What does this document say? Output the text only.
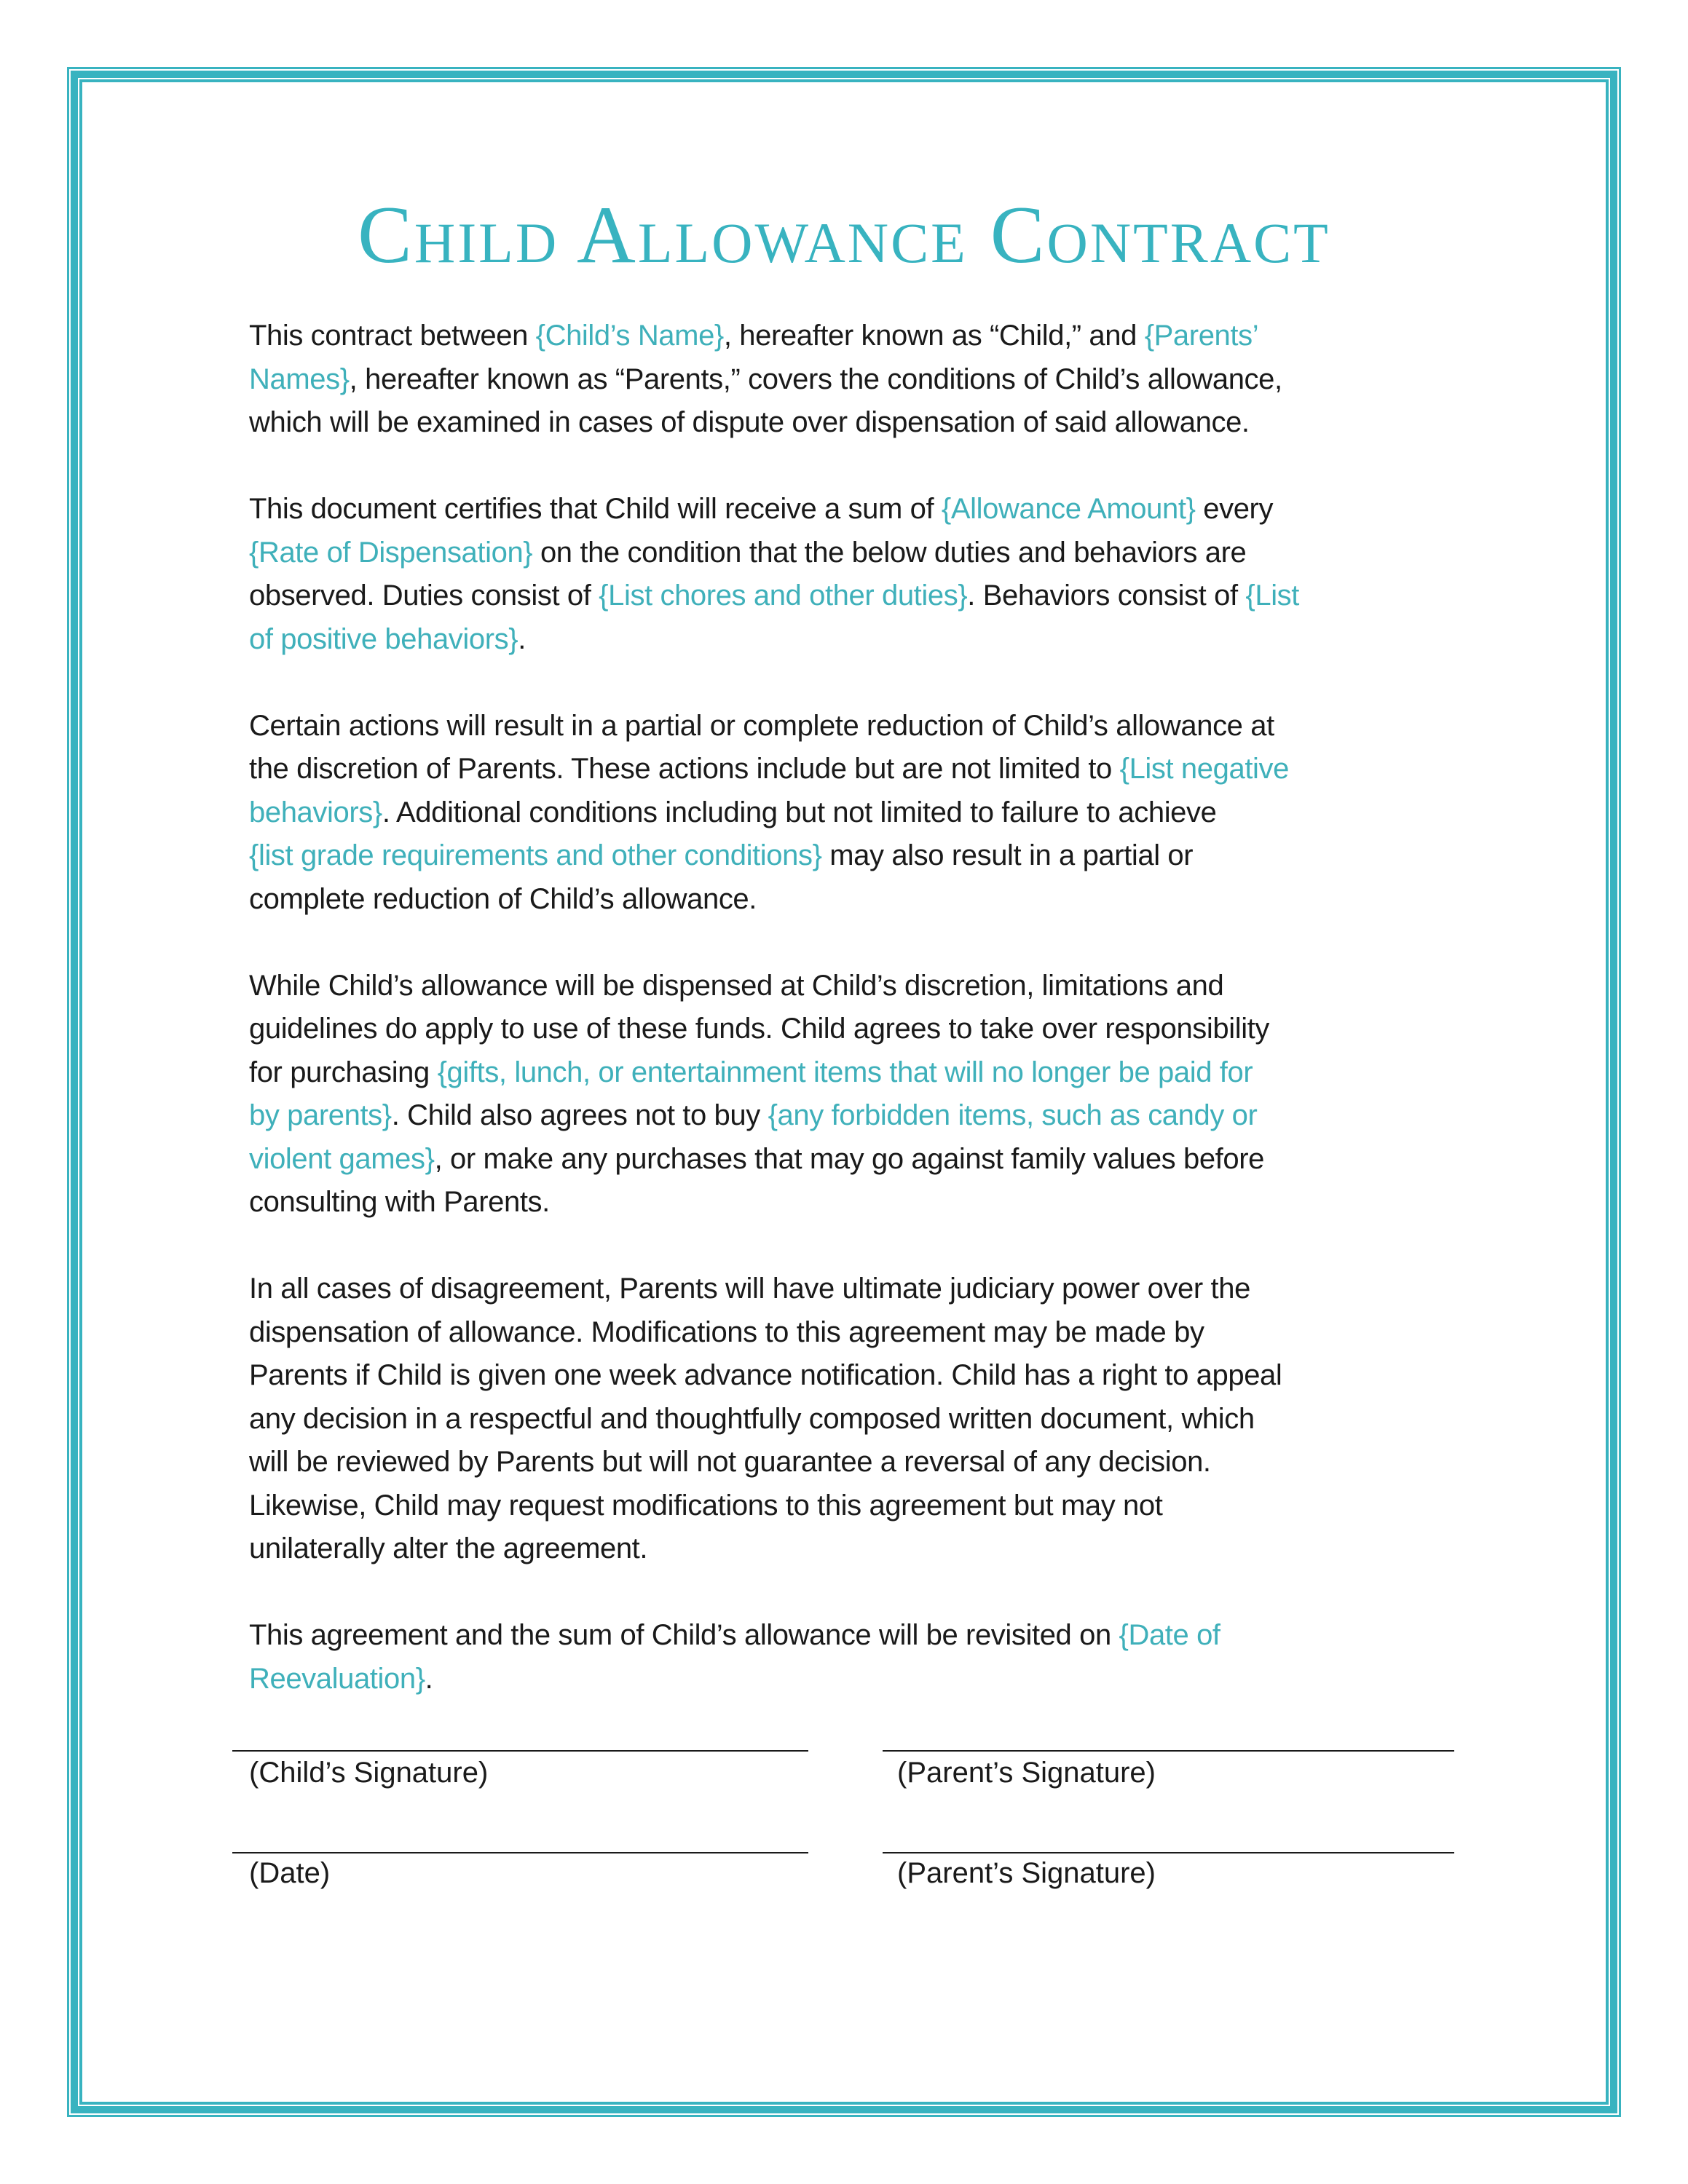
Child Allowance Contract
This contract between {Child’s Name}, hereafter known as “Child,” and {Parents’
Names}, hereafter known as “Parents,” covers the conditions of Child’s allowance,
which will be examined in cases of dispute over dispensation of said allowance.
This document certifies that Child will receive a sum of {Allowance Amount} every
{Rate of Dispensation} on the condition that the below duties and behaviors are
observed. Duties consist of {List chores and other duties}. Behaviors consist of {List
of positive behaviors}.
Certain actions will result in a partial or complete reduction of Child’s allowance at
the discretion of Parents. These actions include but are not limited to {List negative
behaviors}. Additional conditions including but not limited to failure to achieve
{list grade requirements and other conditions} may also result in a partial or
complete reduction of Child’s allowance.
While Child’s allowance will be dispensed at Child’s discretion, limitations and
guidelines do apply to use of these funds. Child agrees to take over responsibility
for purchasing {gifts, lunch, or entertainment items that will no longer be paid for
by parents}. Child also agrees not to buy {any forbidden items, such as candy or
violent games}, or make any purchases that may go against family values before
consulting with Parents.
In all cases of disagreement, Parents will have ultimate judiciary power over the
dispensation of allowance. Modifications to this agreement may be made by
Parents if Child is given one week advance notification. Child has a right to appeal
any decision in a respectful and thoughtfully composed written document, which
will be reviewed by Parents but will not guarantee a reversal of any decision.
Likewise, Child may request modifications to this agreement but may not
unilaterally alter the agreement.
This agreement and the sum of Child’s allowance will be revisited on {Date of
Reevaluation}.
(Child’s Signature)	(Parent’s Signature)
(Date)	(Parent’s Signature)
